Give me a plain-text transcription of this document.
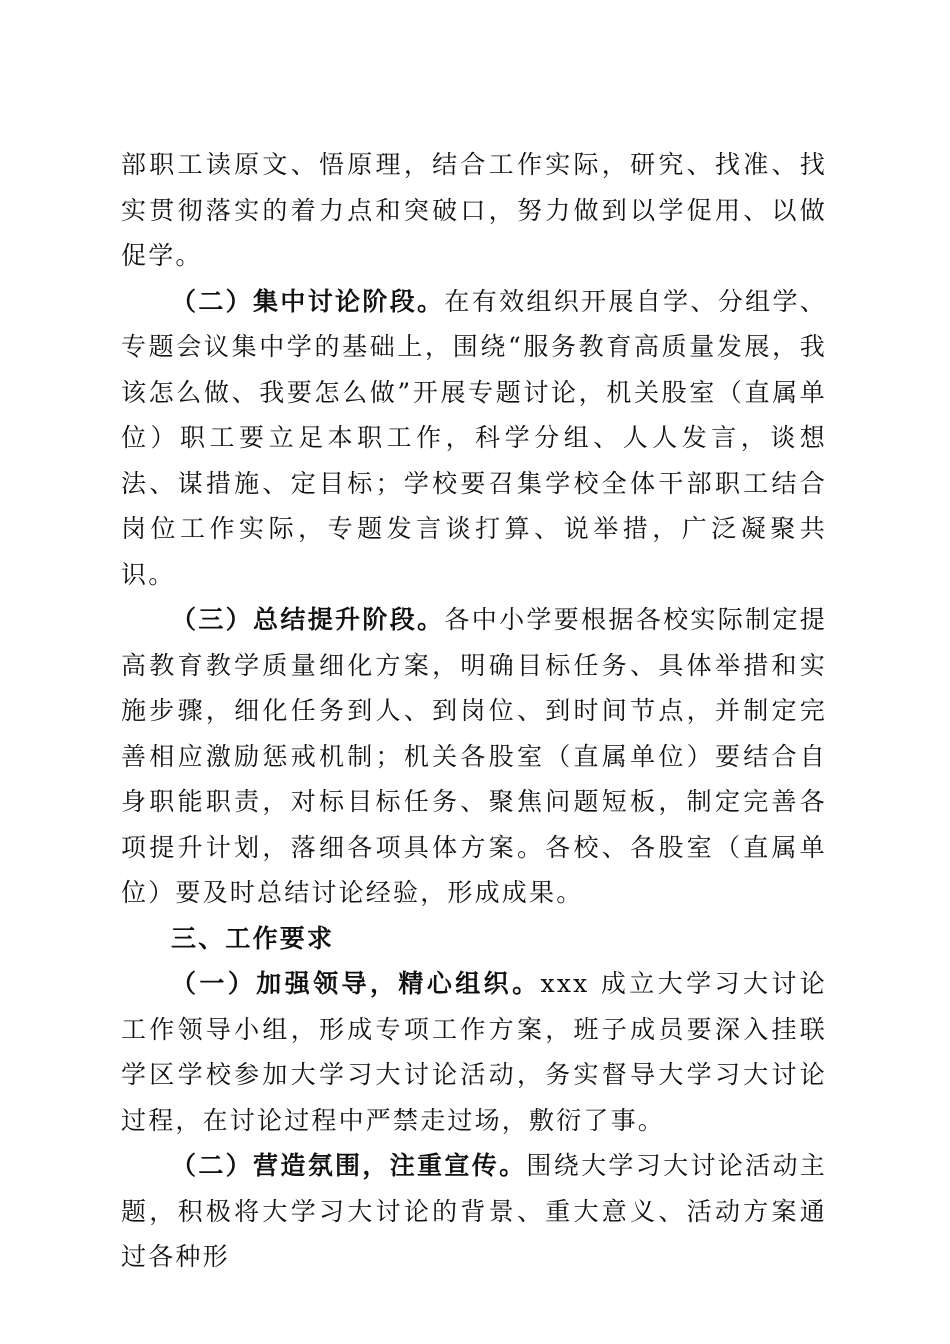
部职工读原文、悟原理，结合工作实际，研究、找准、找实贯彻落实的着力点和突破口，努力做到以学促用、以做促学。

（二）集中讨论阶段。在有效组织开展自学、分组学、专题会议集中学的基础上，围绕“服务教育高质量发展，我该怎么做、我要怎么做”开展专题讨论，机关股室（直属单位）职工要立足本职工作，科学分组、人人发言，谈想法、谋措施、定目标；学校要召集学校全体干部职工结合岗位工作实际，专题发言谈打算、说举措，广泛凝聚共识。

（三）总结提升阶段。各中小学要根据各校实际制定提高教育教学质量细化方案，明确目标任务、具体举措和实施步骤，细化任务到人、到岗位、到时间节点，并制定完善相应激励惩戒机制；机关各股室（直属单位）要结合自身职能职责，对标目标任务、聚焦问题短板，制定完善各项提升计划，落细各项具体方案。各校、各股室（直属单位）要及时总结讨论经验，形成成果。

三、工作要求

（一）加强领导，精心组织。xxx 成立大学习大讨论工作领导小组，形成专项工作方案，班子成员要深入挂联学区学校参加大学习大讨论活动，务实督导大学习大讨论过程，在讨论过程中严禁走过场，敷衍了事。

（二）营造氛围，注重宣传。围绕大学习大讨论活动主题，积极将大学习大讨论的背景、重大意义、活动方案通过各种形
